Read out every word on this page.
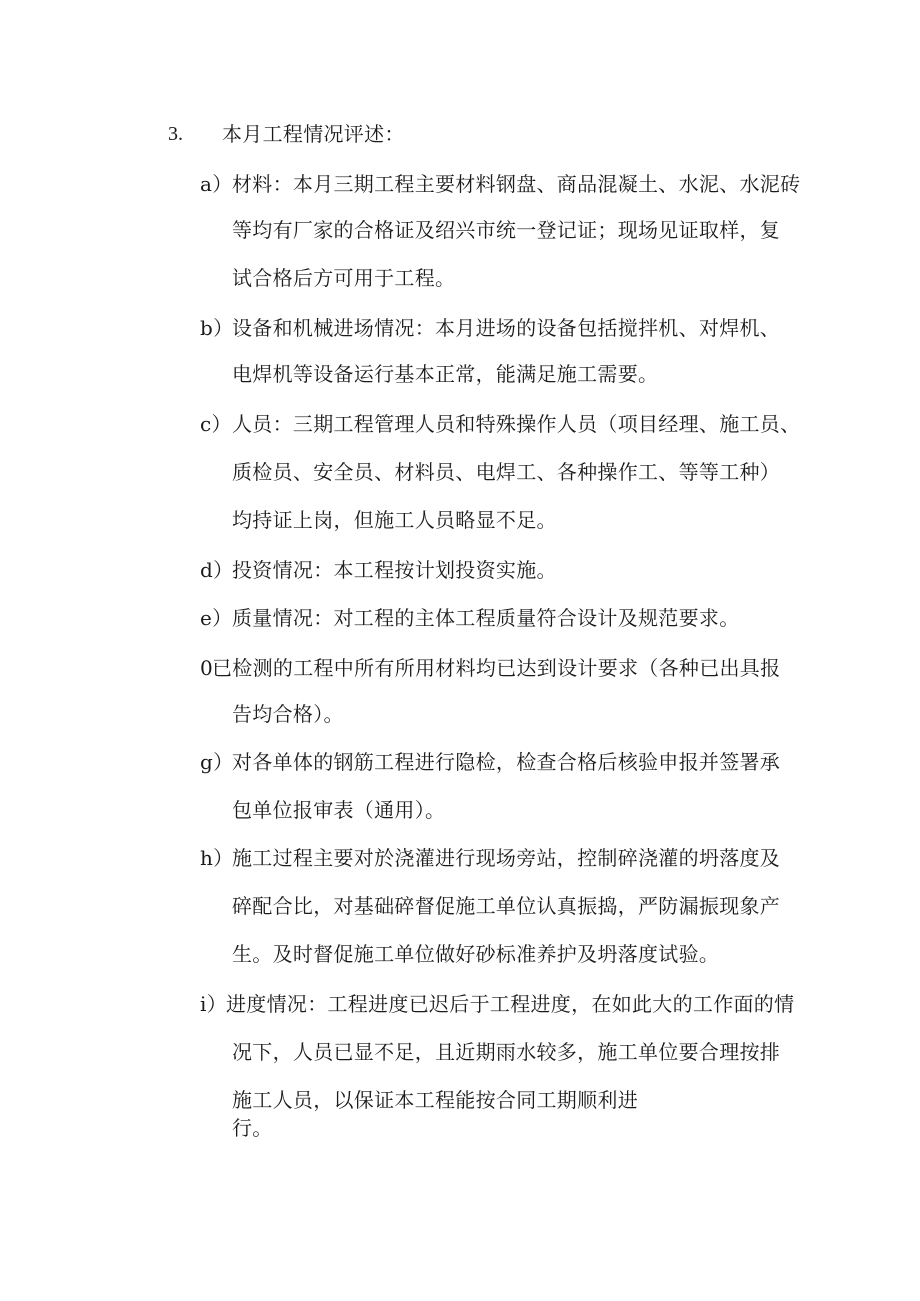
3. 本月工程情况评述：
a） 材料：本月三期工程主要材料钢盘、商品混凝土、水泥、水泥砖
等均有厂家的合格证及绍兴市统一登记证；现场见证取样，复
试合格后方可用于工程。
b）
设备和机械进场情况：本月进场的设备包括搅拌机、对焊机、
电焊机等设备运行基本正常，能满足施工需要。
c） 人员：三期工程管理人员和特殊操作人员（项目经理、施工员、
质检员、安全员、材料员、电焊工、各种操作工、等等工种）
均持证上岗，但施工人员略显不足。
d）
投资情况：本工程按计划投资实施。
e） 质量情况：对工程的主体工程质量符合设计及规范要求。
0
已检测的工程中所有所用材料均已达到设计要求（各种已出具报
告均合格）。
g）
对各单体的钢筋工程进行隐检，检查合格后核验申报并签署承
包单位报审表（通用）。
h）
施工过程主要对於浇灌进行现场旁站，控制碎浇灌的坍落度及
碎配合比，对基础碎督促施工单位认真振捣，严防漏振现象产
生。及时督促施工单位做好砂标准养护及坍落度试验。
i） 进度情况：工程进度已迟后于工程进度，在如此大的工作面的情
况下，人员已显不足，且近期雨水较多，施工单位要合理按排
施工人员，以保证本工程能按合同工期顺利进
行。
